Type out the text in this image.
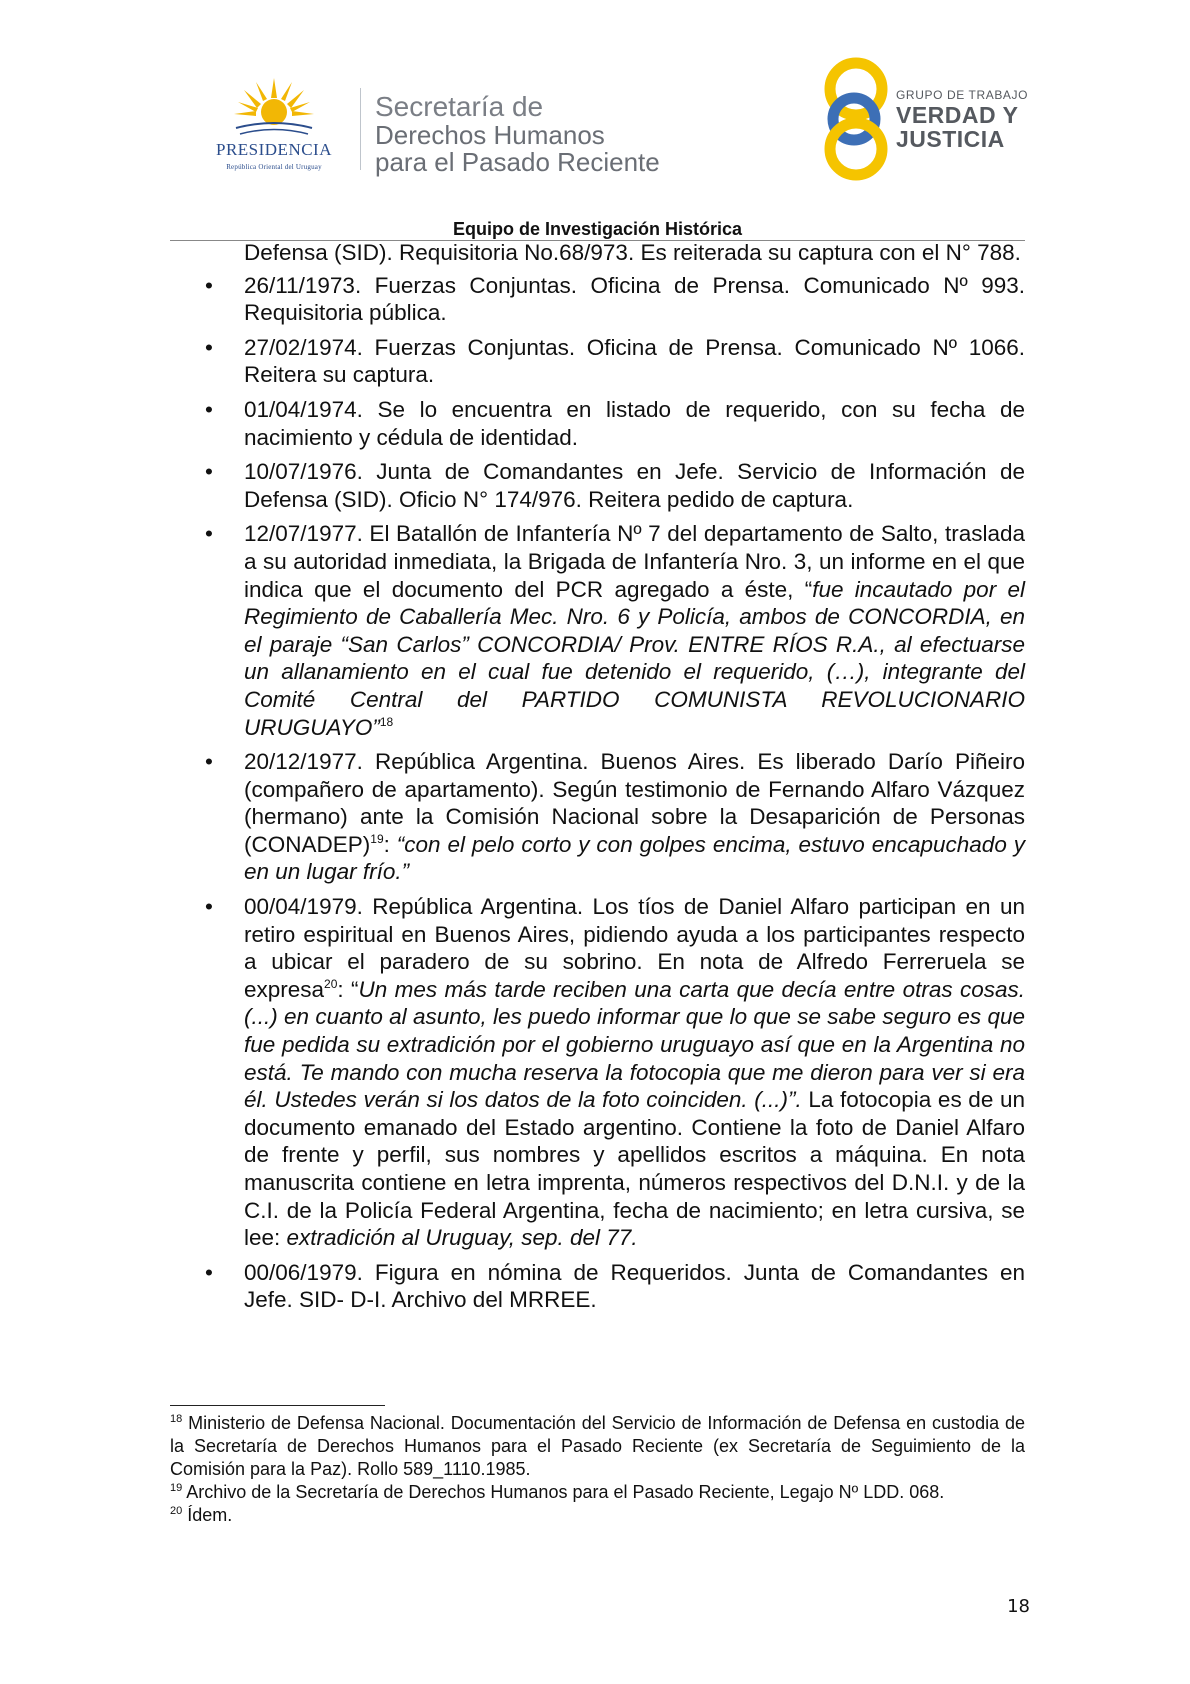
PRESIDENCIA
República Oriental del Uruguay
Secretaría de
Derechos Humanos
para el Pasado Reciente
GRUPO DE TRABAJO
VERDAD Y
JUSTICIA
Equipo de Investigación Histórica
Defensa (SID). Requisitoria No.68/973. Es reiterada su captura con el N° 788.
• 26/11/1973. Fuerzas Conjuntas. Oficina de Prensa. Comunicado Nº 993. Requisitoria pública.
• 27/02/1974. Fuerzas Conjuntas. Oficina de Prensa. Comunicado Nº 1066. Reitera su captura.
• 01/04/1974. Se lo encuentra en listado de requerido, con su fecha de nacimiento y cédula de identidad.
• 10/07/1976. Junta de Comandantes en Jefe. Servicio de Información de Defensa (SID). Oficio N° 174/976. Reitera pedido de captura.
• 12/07/1977. El Batallón de Infantería Nº 7 del departamento de Salto, traslada a su autoridad inmediata, la Brigada de Infantería Nro. 3, un informe en el que indica que el documento del PCR agregado a éste, “fue incautado por el Regimiento de Caballería Mec. Nro. 6 y Policía, ambos de CONCORDIA, en el paraje “San Carlos” CONCORDIA/ Prov. ENTRE RÍOS R.A., al efectuarse un allanamiento en el cual fue detenido el requerido, (…), integrante del Comité Central del PARTIDO COMUNISTA REVOLUCIONARIO URUGUAYO”$^{18}$
• 20/12/1977. República Argentina. Buenos Aires. Es liberado Darío Piñeiro (compañero de apartamento). Según testimonio de Fernando Alfaro Vázquez (hermano) ante la Comisión Nacional sobre la Desaparición de Personas (CONADEP)$^{19}$: “con el pelo corto y con golpes encima, estuvo encapuchado y en un lugar frío.”
• 00/04/1979. República Argentina. Los tíos de Daniel Alfaro participan en un retiro espiritual en Buenos Aires, pidiendo ayuda a los participantes respecto a ubicar el paradero de su sobrino. En nota de Alfredo Ferreruela se expresa$^{20}$: “Un mes más tarde reciben una carta que decía entre otras cosas. (...) en cuanto al asunto, les puedo informar que lo que se sabe seguro es que fue pedida su extradición por el gobierno uruguayo así que en la Argentina no está. Te mando con mucha reserva la fotocopia que me dieron para ver si era él. Ustedes verán si los datos de la foto coinciden. (...)”. La fotocopia es de un documento emanado del Estado argentino. Contiene la foto de Daniel Alfaro de frente y perfil, sus nombres y apellidos escritos a máquina. En nota manuscrita contiene en letra imprenta, números respectivos del D.N.I. y de la C.I. de la Policía Federal Argentina, fecha de nacimiento; en letra cursiva, se lee: extradición al Uruguay, sep. del 77.
• 00/06/1979. Figura en nómina de Requeridos. Junta de Comandantes en Jefe. SID- D-I. Archivo del MRREE.

$^{18}$ Ministerio de Defensa Nacional. Documentación del Servicio de Información de Defensa en custodia de la Secretaría de Derechos Humanos para el Pasado Reciente (ex Secretaría de Seguimiento de la Comisión para la Paz). Rollo 589_1110.1985.

$^{19}$ Archivo de la Secretaría de Derechos Humanos para el Pasado Reciente, Legajo Nº LDD. 068.

$^{20}$ Ídem.

18
